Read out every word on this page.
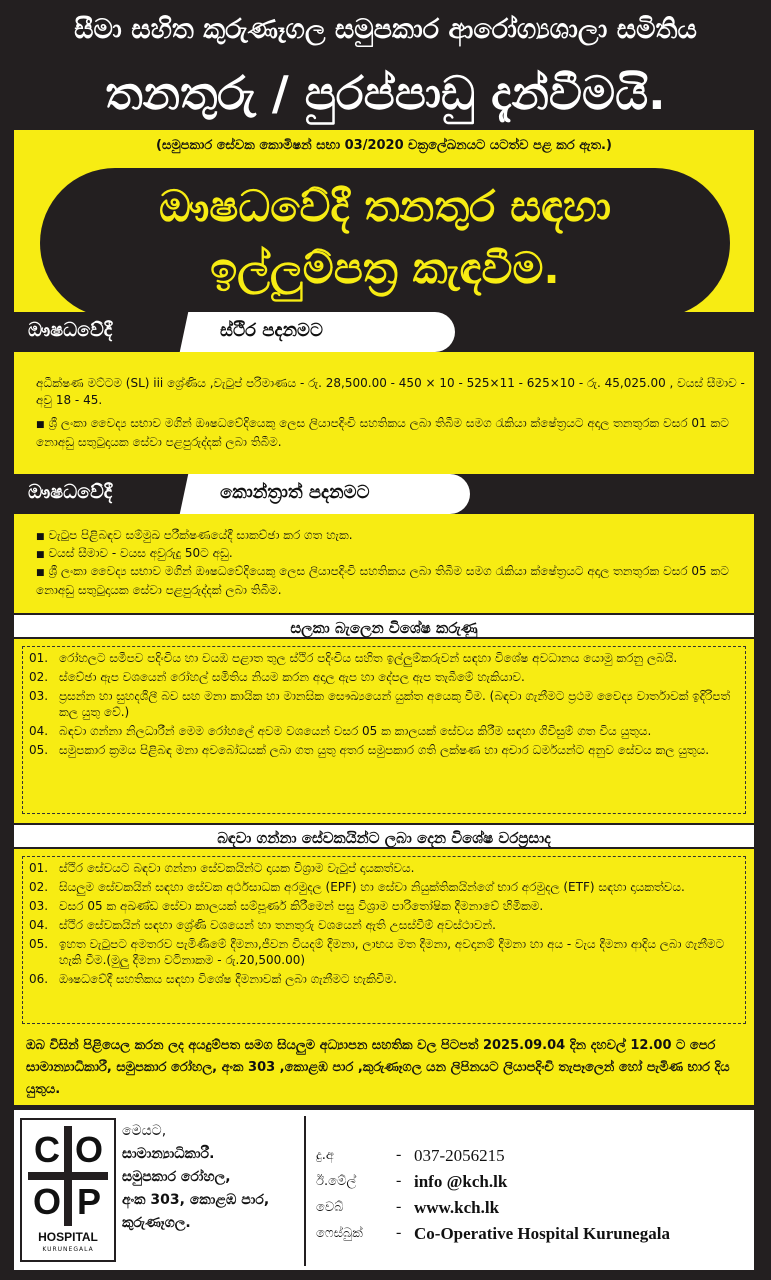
සීමා සහිත කුරුණෑගල සමුපකාර ආරෝග්‍යශාලා සමිතිය
තනතුරු / පුරප්පාඩු දැන්වීමයි.
(සමුපකාර සේවක කොමිෂන් සභා 03/2020 චක්‍රලේඛනයට යටත්ව පළ කර ඇත.)
ඖෂධවේදී තනතුර සඳහා
ඉල්ලුම්පත්‍ර කැඳවීම.
ඖෂධවේදී	ස්ථිර පදනමට
අධීක්ෂණ මට්ටම (SL) iii ශ්‍රේණිය ,වැටුප් පරිමාණය - රු. 28,500.00 - 450 × 10 - 525×11 - 625×10 - රු. 45,025.00 , වයස් සීමාව - අවු 18 - 45.
■ ශ්‍රී ලංකා වෛද්‍ය සභාව මගින් ඖෂධවේදියෙකු ලෙස ලියාපදිංචි සහතිකය ලබා තිබීම සමග රැකියා ක්ෂේත්‍රයට අදාල තනතුරක වසර 01 කට නොඅඩු සතුටුදායක සේවා පළපුරුද්දක් ලබා තිබීම.
ඖෂධවේදී	කොන්ත්‍රාත් පදනමට
■ වැටුප පිළිබඳව සම්මුඛ පරීක්ෂණයේදී සාකච්ඡා කර ගත හැක.
■ වයස් සීමාව - වයස අවුරුදු 50ට අඩු.
■ ශ්‍රී ලංකා වෛද්‍ය සභාව මගින් ඖෂධවේදියෙකු ලෙස ලියාපදිංචි සහතිකය ලබා තිබීම සමග රැකියා ක්ෂේත්‍රයට අදාල තනතුරක වසර 05 කට නොඅඩු සතුටුදායක සේවා පළපුරුද්දක් ලබා තිබීම.
සලකා බැලෙන විශේෂ කරුණු
01. රෝහලට සමීපව පදිංචිය හා වයඹ පළාත තුල ස්ථිර පදිංචිය සහිත ඉල්ලුම්කරුවන් සඳහා විශේෂ අවධානය යොමු කරනු ලබයි.
02. ස්වේඡා ඇප වශයෙන් රෝහල් සමිතිය නියම කරන අදාල ඇප හා දේපල ඇප තැබීමේ හැකියාව.
03. ප්‍රසන්න හා සුහදශීලී බව සහ මනා කායික හා මානසික සෞඛ්‍යයෙන් යුක්ත අයෙකු වීම. (බඳවා ගැනීමට ප්‍රථම වෛද්‍ය වාර්තාවක් ඉදිරිපත් කල යුතු වේ.)
04. බඳවා ගන්නා නිලධාරීන් මෙම රෝහලේ අවම වශයෙන් වසර 05 ක කාලයක් සේවය කිරීම සඳහා ගිවිසුම් ගත විය යුතුය.
05. සමුපකාර ක්‍රමය පිළිබඳ මනා අවබෝධයක් ලබා ගත යුතු අතර සමුපකාර ගති ලක්ෂණ හා අචාර ධර්මයන්ට අනුව සේවය කල යුතුය.
බඳවා ගන්නා සේවකයින්ට ලබා දෙන විශේෂ වරප්‍රසාද
01. ස්ථිර සේවයට බඳවා ගන්නා සේවකයින්ට දායක විශ්‍රාම වැටුප් දායකත්වය.
02. සියලුම සේවකයින් සඳහා සේවක අර්ථසාධක අරමුදල (EPF) හා සේවා නියුක්තිකයින්ගේ භාර අරමුදල (ETF) සඳහා දායකත්වය.
03. වසර 05 ක අඛණ්ඩ සේවා කාලයක් සම්පූර්ණ කිරීමෙන් පසු විශ්‍රාම පාරිතෝෂික දීමනාවේ හිමිකම.
04. ස්ථිර සේවකයින් සඳහා ශ්‍රේණි වශයෙන් හා තනතුරු වශයෙන් ඇති උසස්වීම් අවස්ථාවන්.
05. ඉහත වැටුපට අමතරව පැමිණීමේ දීමනා,ජීවන වියදම් දීමනා, ලාභය මත දීමනා, අවදානම් දීමනා හා අය - වැය දීමනා ආදිය ලබා ගැනීමට හැකි වීම.(මුලු දීමනා වටිනාකම - රු.20,500.00)
06. ඖෂධවේදී සහතිකය සඳහා විශේෂ දීමනාවක් ලබා ගැනීමට හැකිවීම.
ඔබ විසින් පිළියෙල කරන ලද අයදුම්පත සමග සියලුම අධ්‍යාපන සහතික වල පිටපත් 2025.09.04 දින දහවල් 12.00 ට පෙර සාමාන්‍යාධිකාරී, සමුපකාර රෝහල, අංක 303 ,කොළඹ පාර ,කුරුණෑගල යන ලිපිනයට ලියාපදිංචි තැපෑලෙන් හෝ පැමිණ භාර දිය යුතුය.
C O
O P
HOSPITAL
KURUNEGALA
මෙයට,
සාමාන්‍යාධිකාරී.
සමුපකාර රෝහල,
අංක 303, කොළඹ පාර,
කුරුණෑගල.
දු.අ	- 037-2056215
ඊ.මේල් - info @kch.lk
වෙබ්	- www.kch.lk
ෆෙස්බුක් - Co-Operative Hospital Kurunegala
